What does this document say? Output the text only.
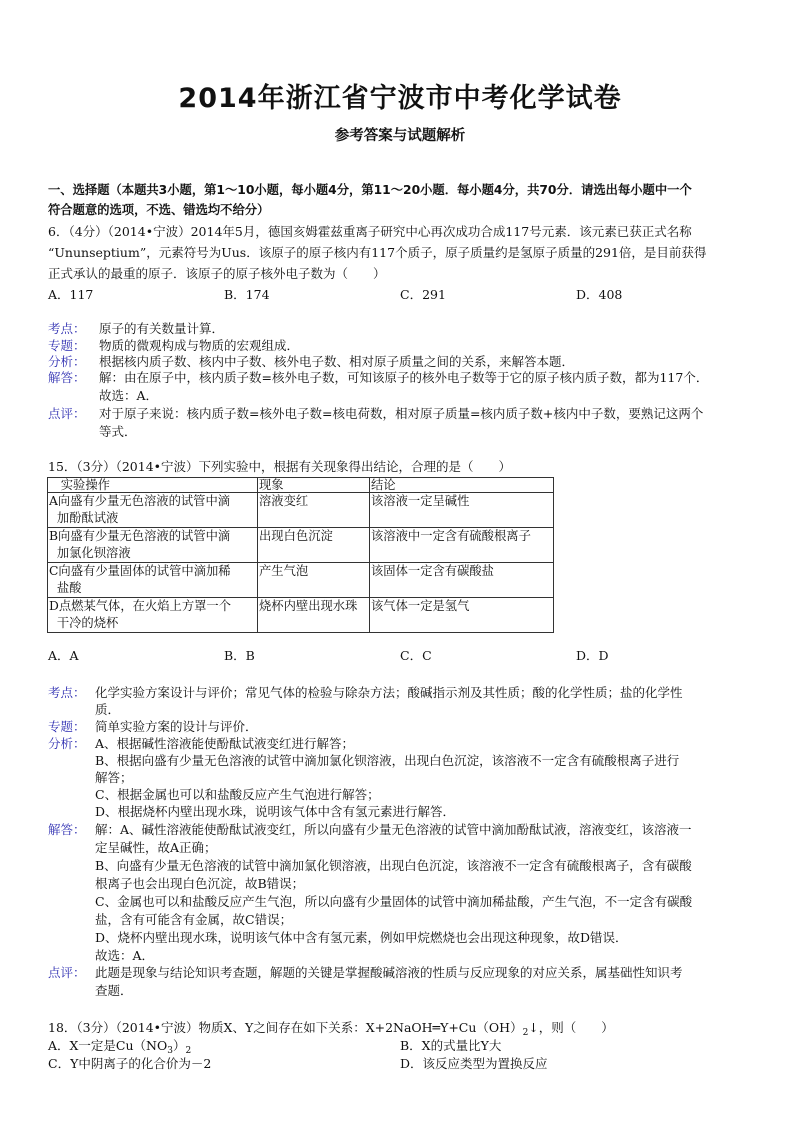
2014年浙江省宁波市中考化学试卷
参考答案与试题解析
一、选择题（本题共3小题，第1～10小题，每小题4分，第11～20小题．每小题4分，共70分．请选出每小题中一个
符合题意的选项，不选、错选均不给分）
6．（4分）（2014•宁波）2014年5月，德国亥姆霍兹重离子研究中心再次成功合成117号元素．该元素已获正式名称
“Ununseptium”，元素符号为Uus．该原子的原子核内有117个质子，原子质量约是氢原子质量的291倍，是目前获得
正式承认的最重的原子．该原子的原子核外电子数为（　　）
A．117	B．174	C．291	D．408
考点： 原子的有关数量计算．
专题： 物质的微观构成与物质的宏观组成．
分析： 根据核内质子数、核内中子数、核外电子数、相对原子质量之间的关系，来解答本题．
解答： 解：由在原子中，核内质子数=核外电子数，可知该原子的核外电子数等于它的原子核内质子数，都为117个．
故选：A．
点评： 对于原子来说：核内质子数=核外电子数=核电荷数，相对原子质量=核内质子数+核内中子数，要熟记这两个
等式．
15．（3分）（2014•宁波）下列实验中，根据有关现象得出结论，合理的是（　　）
实验操作	现象	结论
A向盛有少量无色溶液的试管中滴
加酚酞试液	溶液变红	该溶液一定呈碱性
B向盛有少量无色溶液的试管中滴
加氯化钡溶液	出现白色沉淀	该溶液中一定含有硫酸根离子
C向盛有少量固体的试管中滴加稀
盐酸	产生气泡	该固体一定含有碳酸盐
D点燃某气体，在火焰上方罩一个
干冷的烧杯	烧杯内壁出现水珠	该气体一定是氢气
A．A	B．B	C．C	D．D
考点： 化学实验方案设计与评价；常见气体的检验与除杂方法；酸碱指示剂及其性质；酸的化学性质；盐的化学性
质．
专题： 简单实验方案的设计与评价．
分析： A、根据碱性溶液能使酚酞试液变红进行解答；
B、根据向盛有少量无色溶液的试管中滴加氯化钡溶液，出现白色沉淀，该溶液不一定含有硫酸根离子进行
解答；
C、根据金属也可以和盐酸反应产生气泡进行解答；
D、根据烧杯内壁出现水珠，说明该气体中含有氢元素进行解答．
解答： 解：A、碱性溶液能使酚酞试液变红，所以向盛有少量无色溶液的试管中滴加酚酞试液，溶液变红，该溶液一
定呈碱性，故A正确；
B、向盛有少量无色溶液的试管中滴加氯化钡溶液，出现白色沉淀，该溶液不一定含有硫酸根离子，含有碳酸
根离子也会出现白色沉淀，故B错误；
C、金属也可以和盐酸反应产生气泡，所以向盛有少量固体的试管中滴加稀盐酸，产生气泡，不一定含有碳酸
盐，含有可能含有金属，故C错误；
D、烧杯内壁出现水珠，说明该气体中含有氢元素，例如甲烷燃烧也会出现这种现象，故D错误．
故选：A．
点评： 此题是现象与结论知识考查题，解题的关键是掌握酸碱溶液的性质与反应现象的对应关系，属基础性知识考
查题．
18．（3分）（2014•宁波）物质X、Y之间存在如下关系：$X+2NaOH═Y+Cu(OH)_2↓$，则（　　）
A．X一定是$Cu(NO_3)_2$	B．X的式量比Y大
C．Y中阴离子的化合价为－2	D．该反应类型为置换反应
